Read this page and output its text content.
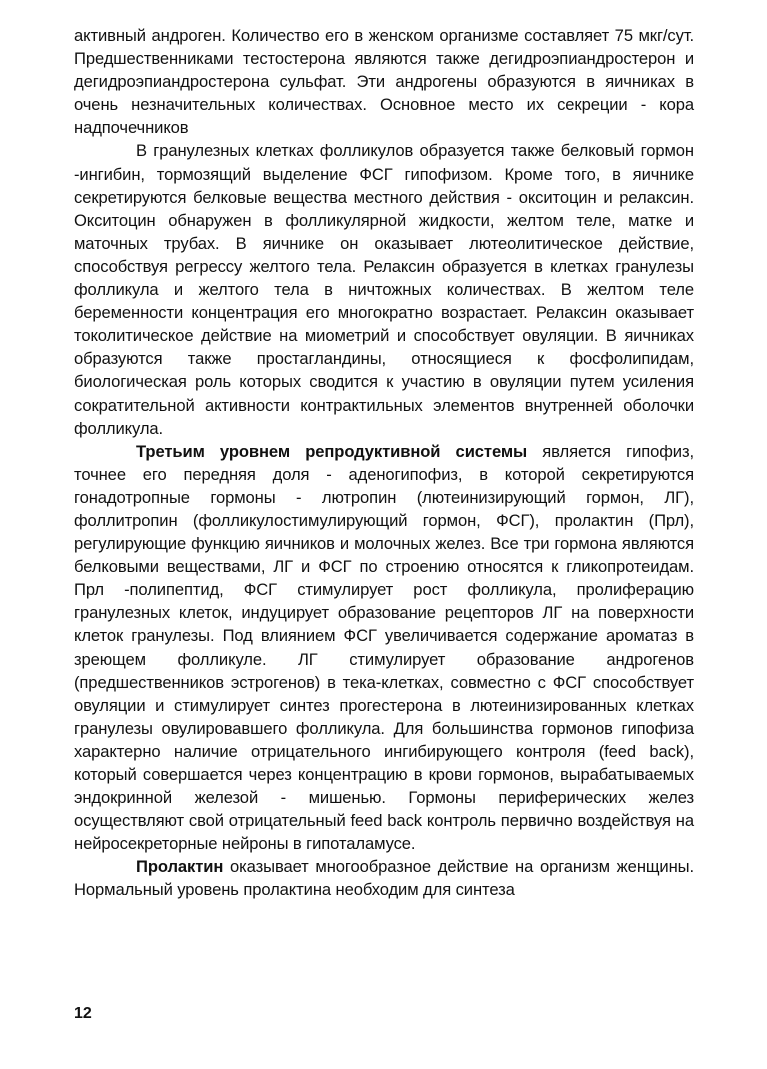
активный андроген. Количество его в женском организме составляет 75 мкг/сут. Предшественниками тестостерона являются также дегидроэпиандростерон и дегидроэпиандростерона сульфат. Эти андрогены образуются в яичниках в очень незначительных количествах. Основное место их секреции - кора надпочечников

В гранулезных клетках фолликулов образуется также белковый гормон -ингибин, тормозящий выделение ФСГ гипофизом. Кроме того, в яичнике секретируются белковые вещества местного действия - окситоцин и релаксин. Окситоцин обнаружен в фолликулярной жидкости, желтом теле, матке и маточных трубах. В яичнике он оказывает лютеолитическое действие, способствуя регрессу желтого тела. Релаксин образуется в клетках гранулезы фолликула и желтого тела в ничтожных количествах. В желтом теле беременности концентрация его многократно возрастает. Релаксин оказывает токолитическое действие на миометрий и способствует овуляции. В яичниках образуются также простагландины, относящиеся к фосфолипидам, биологическая роль которых сводится к участию в овуляции путем усиления сократительной активности контрактильных элементов внутренней оболочки фолликула.

Третьим уровнем репродуктивной системы является гипофиз, точнее его передняя доля - аденогипофиз, в которой секретируются гонадотропные гормоны - лютропин (лютеинизирующий гормон, ЛГ), фоллитропин (фолликулостимулирующий гормон, ФСГ), пролактин (Прл), регулирующие функцию яичников и молочных желез. Все три гормона являются белковыми веществами, ЛГ и ФСГ по строению относятся к гликопротеидам. Прл -полипептид, ФСГ стимулирует рост фолликула, пролиферацию гранулезных клеток, индуцирует образование рецепторов ЛГ на поверхности клеток гранулезы. Под влиянием ФСГ увеличивается содержание ароматаз в зреющем фолликуле. ЛГ стимулирует образование андрогенов (предшественников эстрогенов) в тека-клетках, совместно с ФСГ способствует овуляции и стимулирует синтез прогестерона в лютеинизированных клетках гранулезы овулировавшего фолликула. Для большинства гормонов гипофиза характерно наличие отрицательного ингибирующего контроля (feed back), который совершается через концентрацию в крови гормонов, вырабатываемых эндокринной железой - мишенью. Гормоны периферических желез осуществляют свой отрицательный feed back контроль первично воздействуя на нейросекреторные нейроны в гипоталамусе.

Пролактин оказывает многообразное действие на организм женщины. Нормальный уровень пролактина необходим для синтеза

12
